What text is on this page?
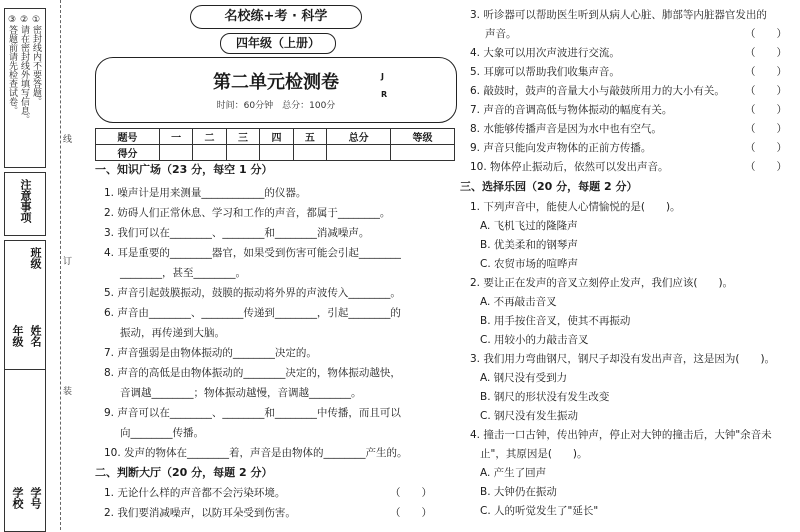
①密封线内不要答题。
②请在密封线外填写信息。
③答题前请先检查试卷。
注意事项
年级 姓名
班级
学校 学号
线
订
装
名校练+考 · 科学
四年级（上册）
第二单元检测卷	J
R
时间：60分钟　总分：100分
题号	一	二	三	四	五	总分	等级
得分							
一、知识广场（23 分，每空 1 分）
1. 噪声计是用来测量____________的仪器。
2. 妨碍人们正常休息、学习和工作的声音，都属于________。
3. 我们可以在________、________和________消减噪声。
4. 耳是重要的________器官，如果受到伤害可能会引起________
________，甚至________。
5. 声音引起鼓膜振动，鼓膜的振动将外界的声波传入________。
6. 声音由________、________传递到________，引起________的
振动，再传递到大脑。
7. 声音强弱是由物体振动的________决定的。
8. 声音的高低是由物体振动的________决定的，物体振动越快，
音调越________；物体振动越慢，音调越________。
9. 声音可以在________、________和________中传播，而且可以
向________传播。
10. 发声的物体在________着，声音是由物体的________产生的。
二、判断大厅（20 分，每题 2 分）
1. 无论什么样的声音都不会污染环境。	（　　）
2. 我们要消减噪声，以防耳朵受到伤害。	（　　）
3. 听诊器可以帮助医生听到从病人心脏、肺部等内脏器官发出的
声音。	（　　）
4. 大象可以用次声波进行交流。	（　　）
5. 耳廓可以帮助我们收集声音。	（　　）
6. 敲鼓时，鼓声的音量大小与敲鼓所用力的大小有关。 （　　）
7. 声音的音调高低与物体振动的幅度有关。	（　　）
8. 水能够传播声音是因为水中也有空气。	（　　）
9. 声音只能向发声物体的正前方传播。	（　　）
10. 物体停止振动后，依然可以发出声音。	（　　）
三、选择乐园（20 分，每题 2 分）
1. 下列声音中，能使人心情愉悦的是(　　)。
A. 飞机飞过的隆隆声
B. 优美柔和的钢琴声
C. 农贸市场的喧哗声
2. 要让正在发声的音叉立刻停止发声，我们应该(　　)。
A. 不再敲击音叉
B. 用手按住音叉，使其不再振动
C. 用较小的力敲击音叉
3. 我们用力弯曲钢尺，钢尺子却没有发出声音，这是因为(　　)。
A. 钢尺没有受到力
B. 钢尺的形状没有发生改变
C. 钢尺没有发生振动
4. 撞击一口古钟，传出钟声，停止对大钟的撞击后，大钟"余音未
止"，其原因是(　　)。
A. 产生了回声
B. 大钟仍在振动
C. 人的听觉发生了"延长"
